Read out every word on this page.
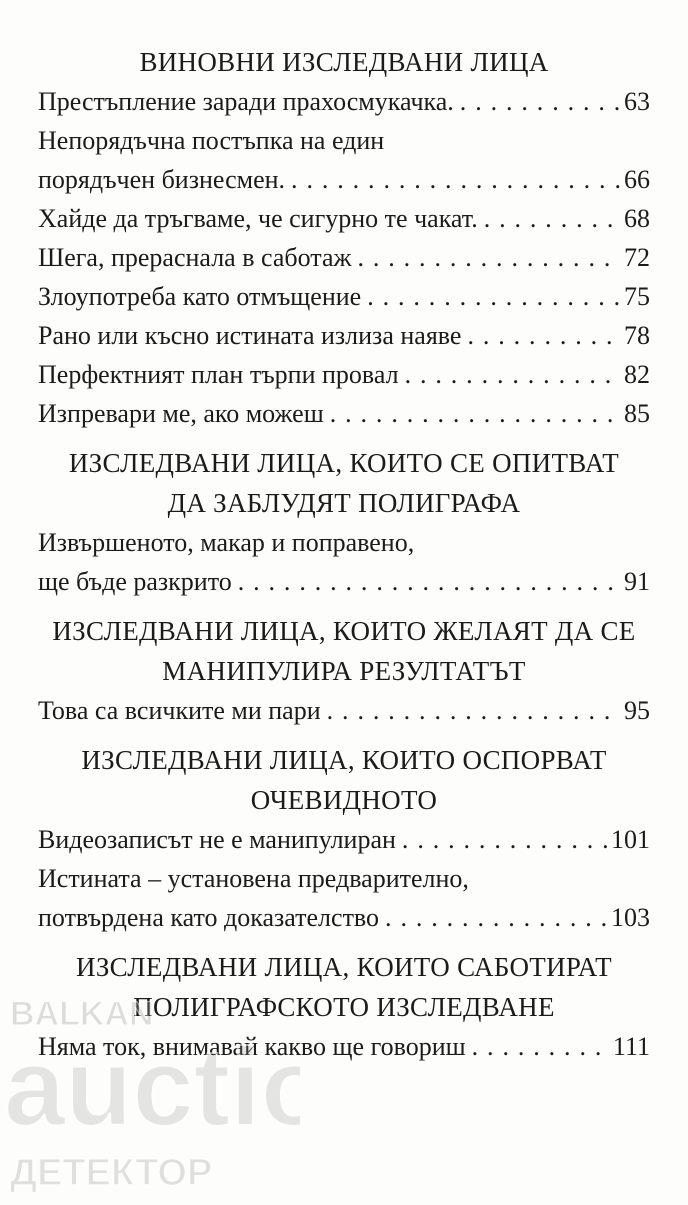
ВИНОВНИ ИЗСЛЕДВАНИ ЛИЦА
Престъпление заради прахосмукачка. . . .	63
Непорядъчна постъпка на един
порядъчен бизнесмен. . . .	66
Хайде да тръгваме, че сигурно те чакат. . . .	68
Шега, прераснала в саботаж . . .	72
Злоупотреба като отмъщение . . .	75
Рано или късно истината излиза наяве . . .	78
Перфектният план търпи провал . . .	82
Изпревари ме, ако можеш . . .	85
ИЗСЛЕДВАНИ ЛИЦА, КОИТО СЕ ОПИТВАТ
ДА ЗАБЛУДЯТ ПОЛИГРАФА
Извършеното, макар и поправено,
ще бъде разкрито . . .	91
ИЗСЛЕДВАНИ ЛИЦА, КОИТО ЖЕЛАЯТ ДА СЕ
МАНИПУЛИРА РЕЗУЛТАТЪТ
Това са всичките ми пари . . .	95
ИЗСЛЕДВАНИ ЛИЦА, КОИТО ОСПОРВАТ
ОЧЕВИДНОТО
Видеозаписът не е манипулиран . . .	101
Истината – установена предварително,
потвърдена като доказателство . . .	103
ИЗСЛЕДВАНИ ЛИЦА, КОИТО САБОТИРАТ
ПОЛИГРАФСКОТО ИЗСЛЕДВАНЕ
Няма ток, внимавай какво ще говориш . . .	111
BALKAN
auctio
ДЕТЕКТОР
